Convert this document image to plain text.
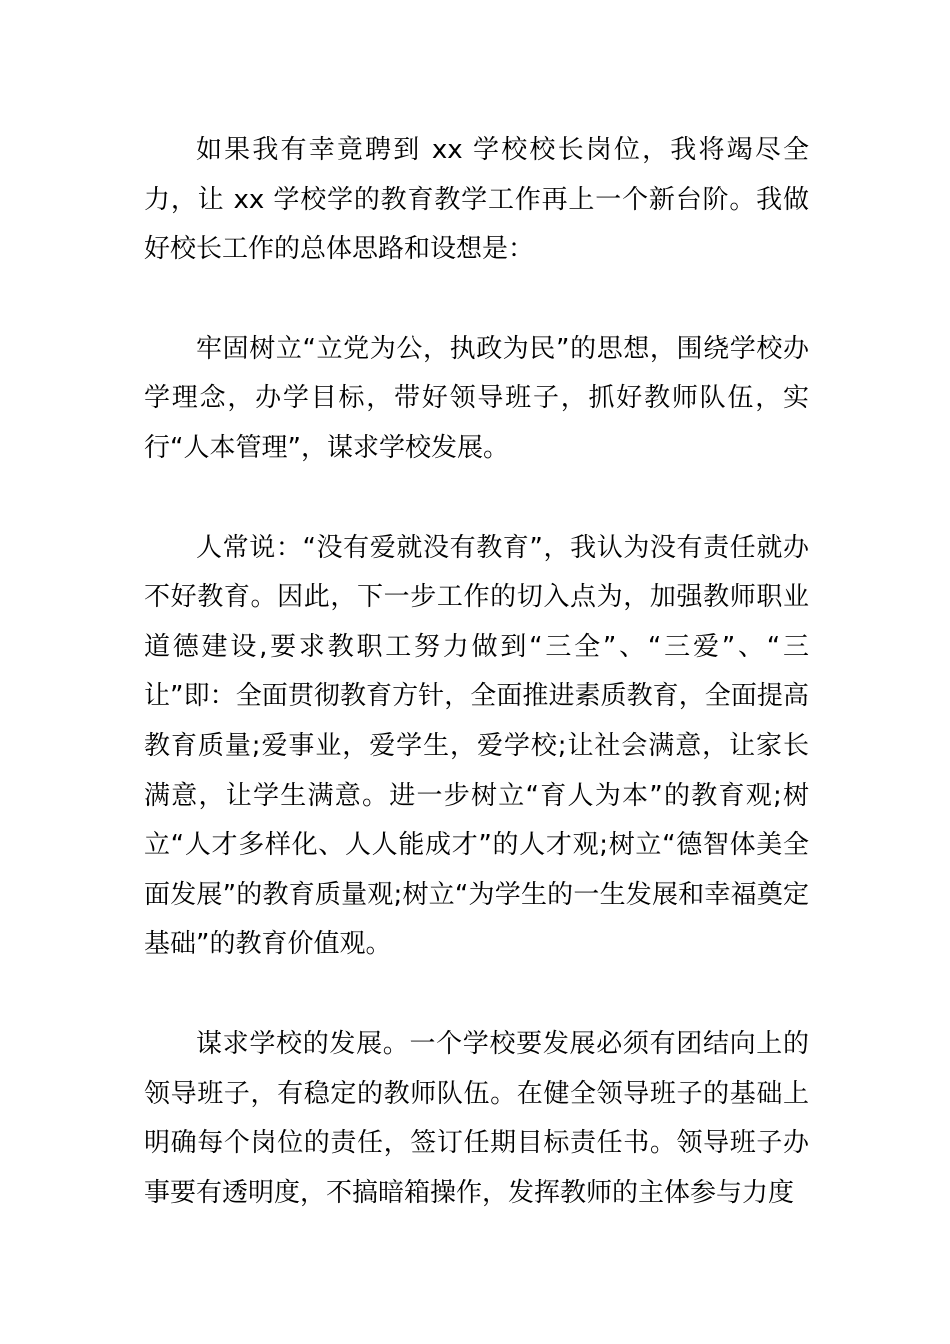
如果我有幸竟聘到 xx 学校校长岗位，我将竭尽全力，让 xx 学校学的教育教学工作再上一个新台阶。我做好校长工作的总体思路和设想是：

牢固树立“立党为公，执政为民”的思想，围绕学校办学理念，办学目标，带好领导班子，抓好教师队伍，实行“人本管理”，谋求学校发展。

人常说：“没有爱就没有教育”，我认为没有责任就办不好教育。因此，下一步工作的切入点为，加强教师职业道德建设,要求教职工努力做到“三全”、“三爱”、“三让”即：全面贯彻教育方针，全面推进素质教育，全面提高教育质量;爱事业，爱学生，爱学校;让社会满意，让家长满意，让学生满意。进一步树立“育人为本”的教育观;树立“人才多样化、人人能成才”的人才观;树立“德智体美全面发展”的教育质量观;树立“为学生的一生发展和幸福奠定基础”的教育价值观。

谋求学校的发展。一个学校要发展必须有团结向上的领导班子，有稳定的教师队伍。在健全领导班子的基础上明确每个岗位的责任，签订任期目标责任书。领导班子办事要有透明度，不搞暗箱操作，发挥教师的主体参与力度
